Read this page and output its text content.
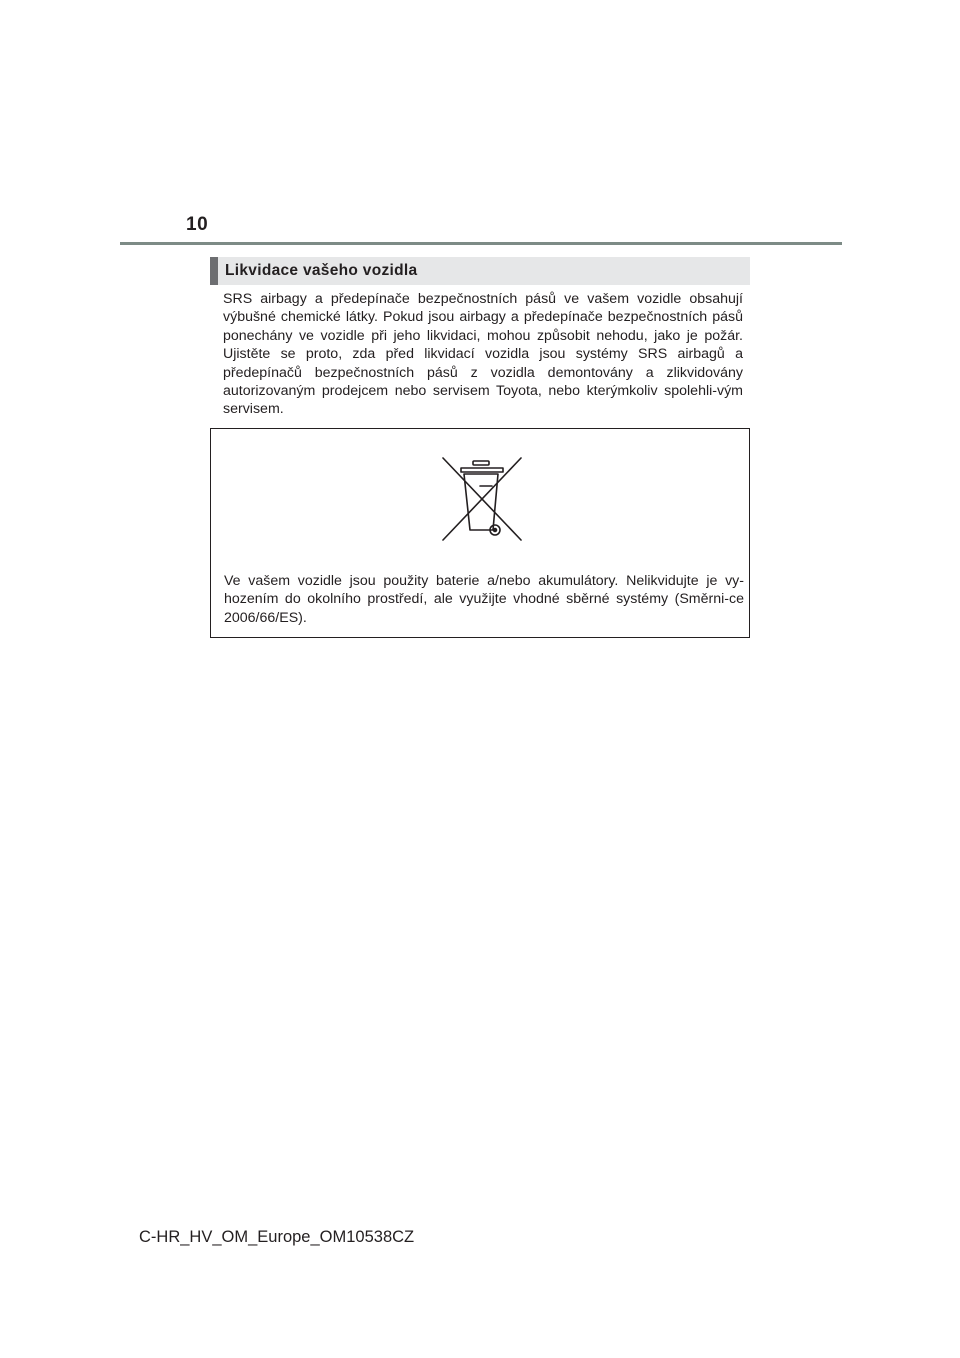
10
Likvidace vašeho vozidla
SRS airbagy a předepínače bezpečnostních pásů ve vašem vozidle obsahují výbušné chemické látky. Pokud jsou airbagy a předepínače bezpečnostních pásů ponechány ve vozidle při jeho likvidaci, mohou způsobit nehodu, jako je požár. Ujistěte se proto, zda před likvidací vozidla jsou systémy SRS airbagů a předepínačů bezpečnostních pásů z vozidla demontovány a zlikvidovány autorizovaným prodejcem nebo servisem Toyota, nebo kterýmkoliv spolehli-vým servisem.
Ve vašem vozidle jsou použity baterie a/nebo akumulátory. Nelikvidujte je vy-hozením do okolního prostředí, ale využijte vhodné sběrné systémy (Směrni-ce 2006/66/ES).
C-HR_HV_OM_Europe_OM10538CZ
